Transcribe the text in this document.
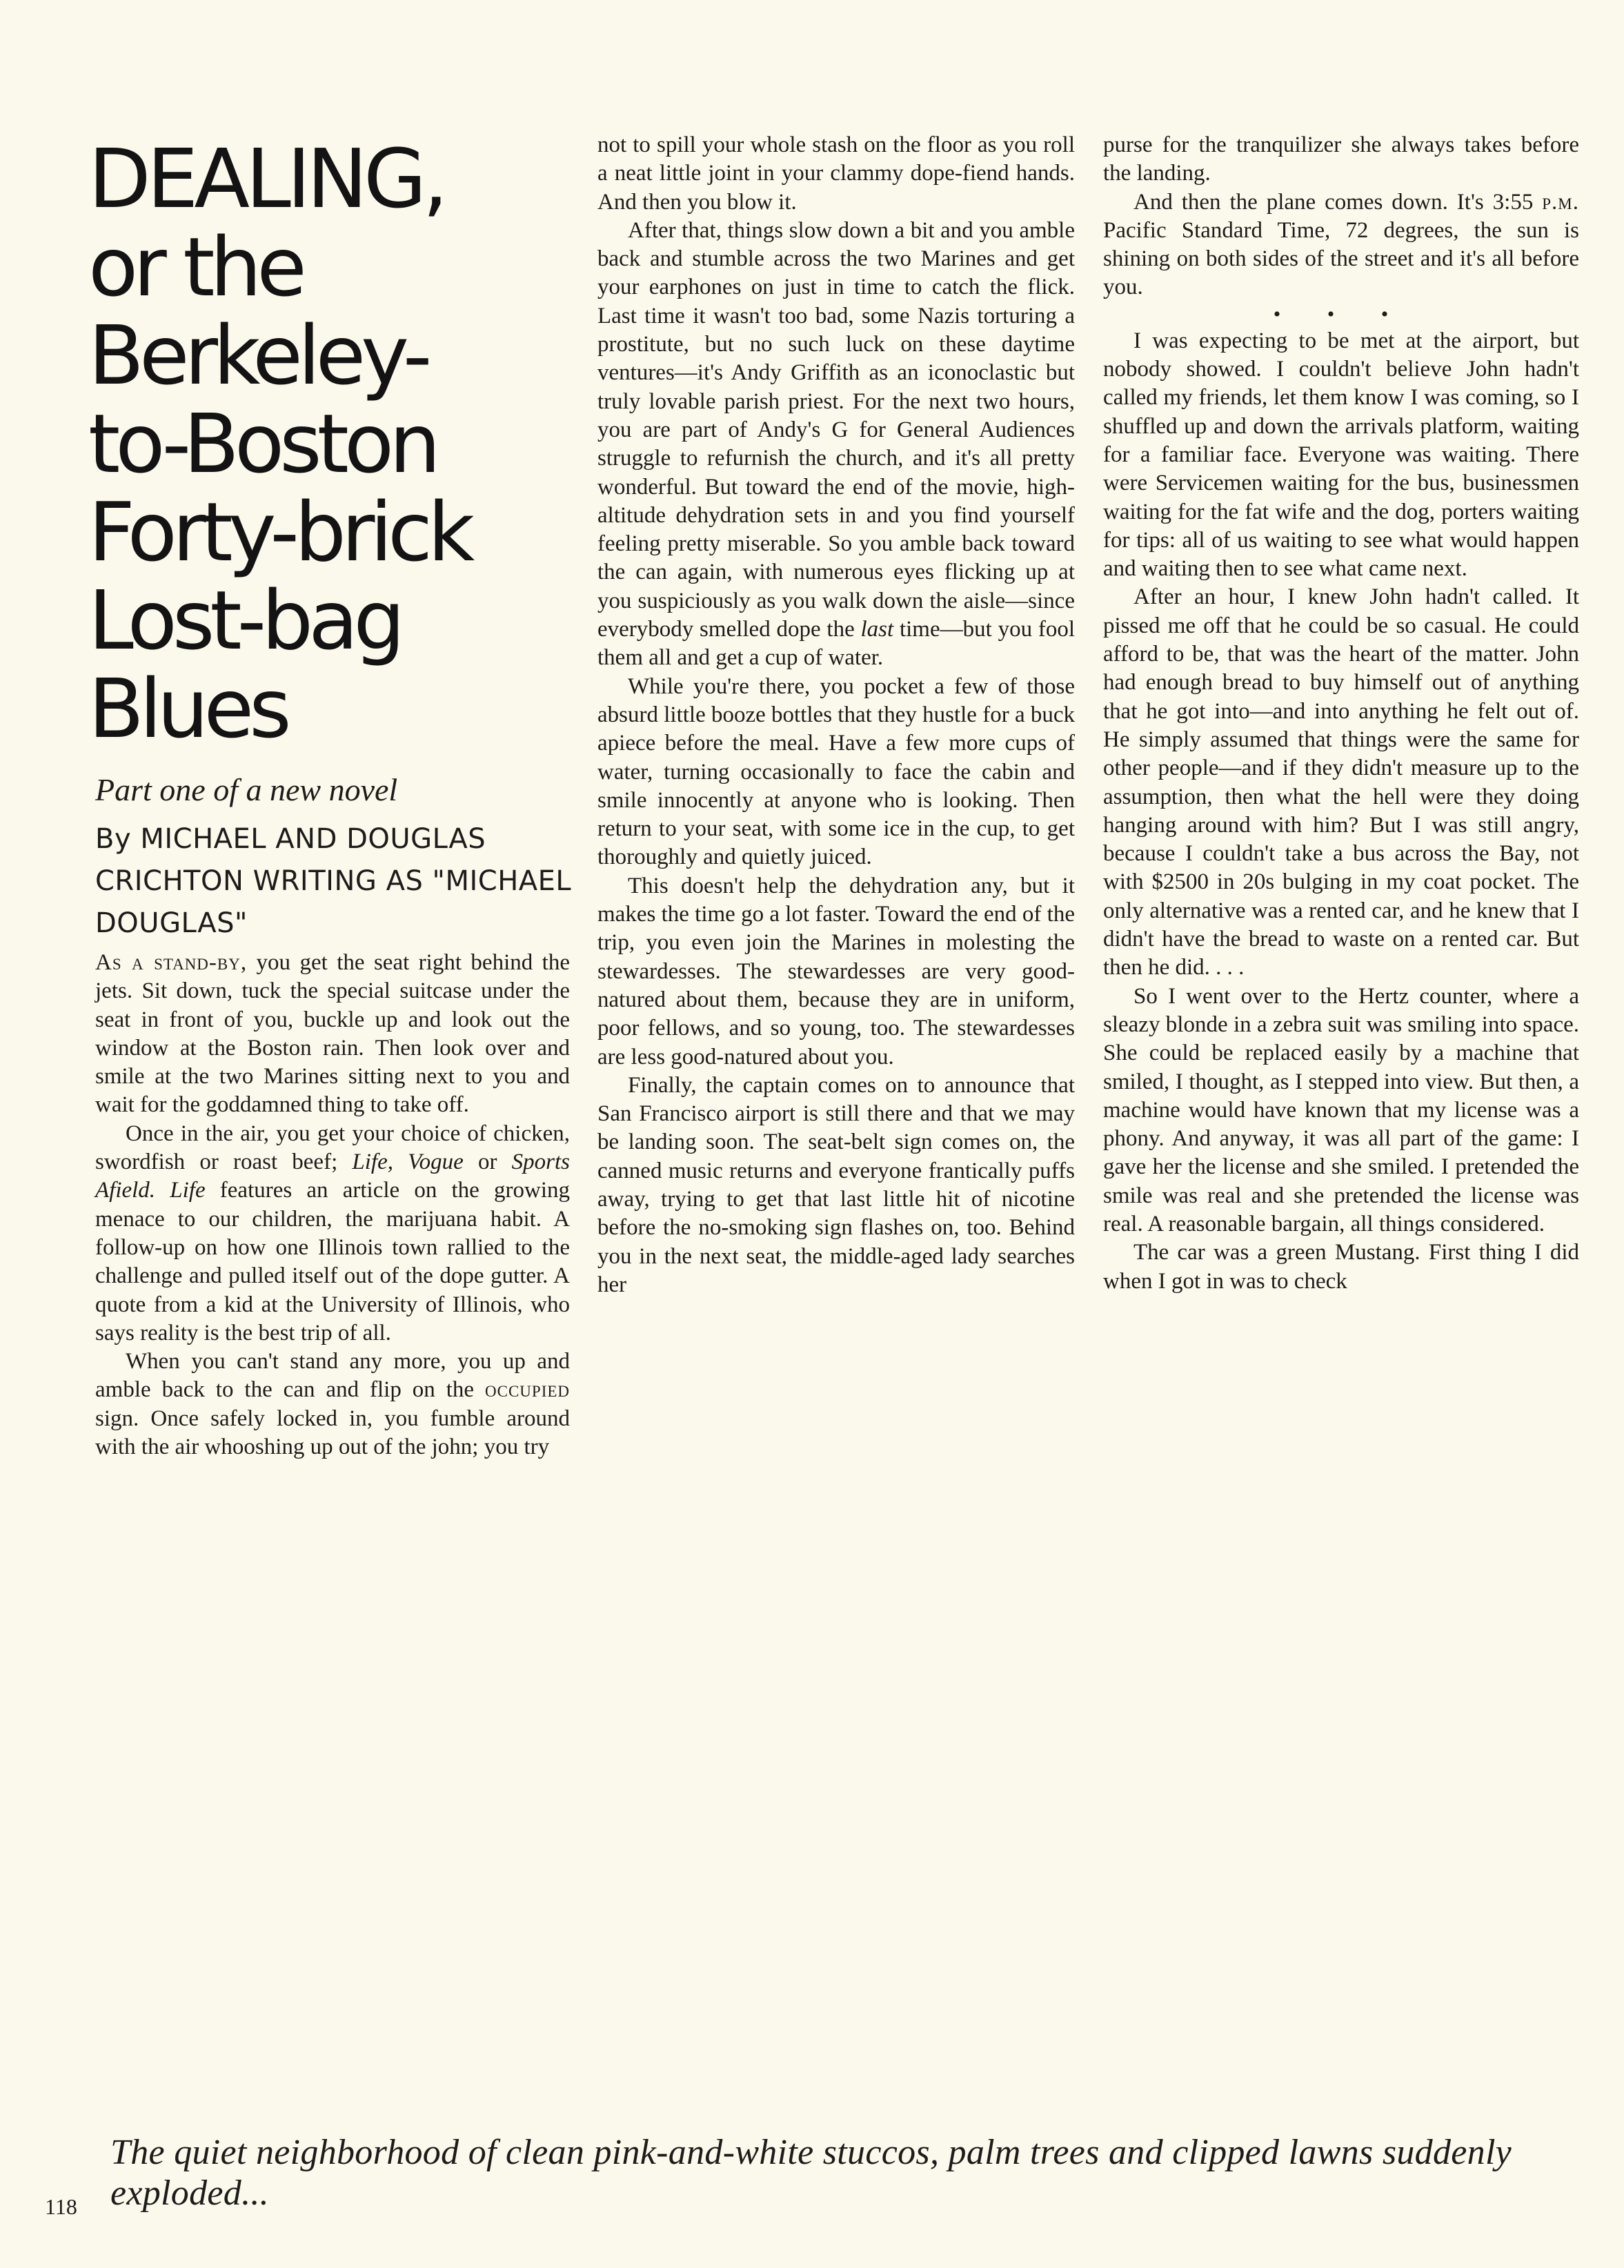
DEALING,
or the
Berkeley-
to-Boston
Forty-brick
Lost-bag
Blues
Part one of a new novel
By MICHAEL AND DOUGLAS CRICHTON WRITING AS "MICHAEL DOUGLAS"

As a stand-by, you get the seat right behind the jets. Sit down, tuck the special suitcase under the seat in front of you, buckle up and look out the window at the Boston rain. Then look over and smile at the two Marines sitting next to you and wait for the goddamned thing to take off.

Once in the air, you get your choice of chicken, swordfish or roast beef; Life, Vogue or Sports Afield. Life features an article on the growing menace to our children, the marijuana habit. A follow-up on how one Illinois town rallied to the challenge and pulled itself out of the dope gutter. A quote from a kid at the University of Illinois, who says reality is the best trip of all.

When you can't stand any more, you up and amble back to the can and flip on the occupied sign. Once safely locked in, you fumble around with the air whooshing up out of the john; you try

not to spill your whole stash on the floor as you roll a neat little joint in your clammy dope-fiend hands. And then you blow it.

After that, things slow down a bit and you amble back and stumble across the two Marines and get your earphones on just in time to catch the flick. Last time it wasn't too bad, some Nazis torturing a prostitute, but no such luck on these daytime ventures—it's Andy Griffith as an iconoclastic but truly lovable parish priest. For the next two hours, you are part of Andy's G for General Audiences struggle to refurnish the church, and it's all pretty wonderful. But toward the end of the movie, high-altitude dehydration sets in and you find yourself feeling pretty miserable. So you amble back toward the can again, with numerous eyes flicking up at you suspiciously as you walk down the aisle—since everybody smelled dope the last time—but you fool them all and get a cup of water.

While you're there, you pocket a few of those absurd little booze bottles that they hustle for a buck apiece before the meal. Have a few more cups of water, turning occasionally to face the cabin and smile innocently at anyone who is looking. Then return to your seat, with some ice in the cup, to get thoroughly and quietly juiced.

This doesn't help the dehydration any, but it makes the time go a lot faster. Toward the end of the trip, you even join the Marines in molesting the stewardesses. The stewardesses are very good-natured about them, because they are in uniform, poor fellows, and so young, too. The stewardesses are less good-natured about you.

Finally, the captain comes on to announce that San Francisco airport is still there and that we may be landing soon. The seat-belt sign comes on, the canned music returns and everyone frantically puffs away, trying to get that last little hit of nicotine before the no-smoking sign flashes on, too. Behind you in the next seat, the middle-aged lady searches her

purse for the tranquilizer she always takes before the landing.

And then the plane comes down. It's 3:55 p.m. Pacific Standard Time, 72 degrees, the sun is shining on both sides of the street and it's all before you.

• • •

I was expecting to be met at the airport, but nobody showed. I couldn't believe John hadn't called my friends, let them know I was coming, so I shuffled up and down the arrivals platform, waiting for a familiar face. Everyone was waiting. There were Servicemen waiting for the bus, businessmen waiting for the fat wife and the dog, porters waiting for tips: all of us waiting to see what would happen and waiting then to see what came next.

After an hour, I knew John hadn't called. It pissed me off that he could be so casual. He could afford to be, that was the heart of the matter. John had enough bread to buy himself out of anything that he got into—and into anything he felt out of. He simply assumed that things were the same for other people—and if they didn't measure up to the assumption, then what the hell were they doing hanging around with him? But I was still angry, because I couldn't take a bus across the Bay, not with $2500 in 20s bulging in my coat pocket. The only alternative was a rented car, and he knew that I didn't have the bread to waste on a rented car. But then he did. . . .

So I went over to the Hertz counter, where a sleazy blonde in a zebra suit was smiling into space. She could be replaced easily by a machine that smiled, I thought, as I stepped into view. But then, a machine would have known that my license was a phony. And anyway, it was all part of the game: I gave her the license and she smiled. I pretended the smile was real and she pretended the license was real. A reasonable bargain, all things considered.

The car was a green Mustang. First thing I did when I got in was to check

The quiet neighborhood of clean pink-and-white stuccos, palm trees and clipped lawns suddenly exploded...
118
